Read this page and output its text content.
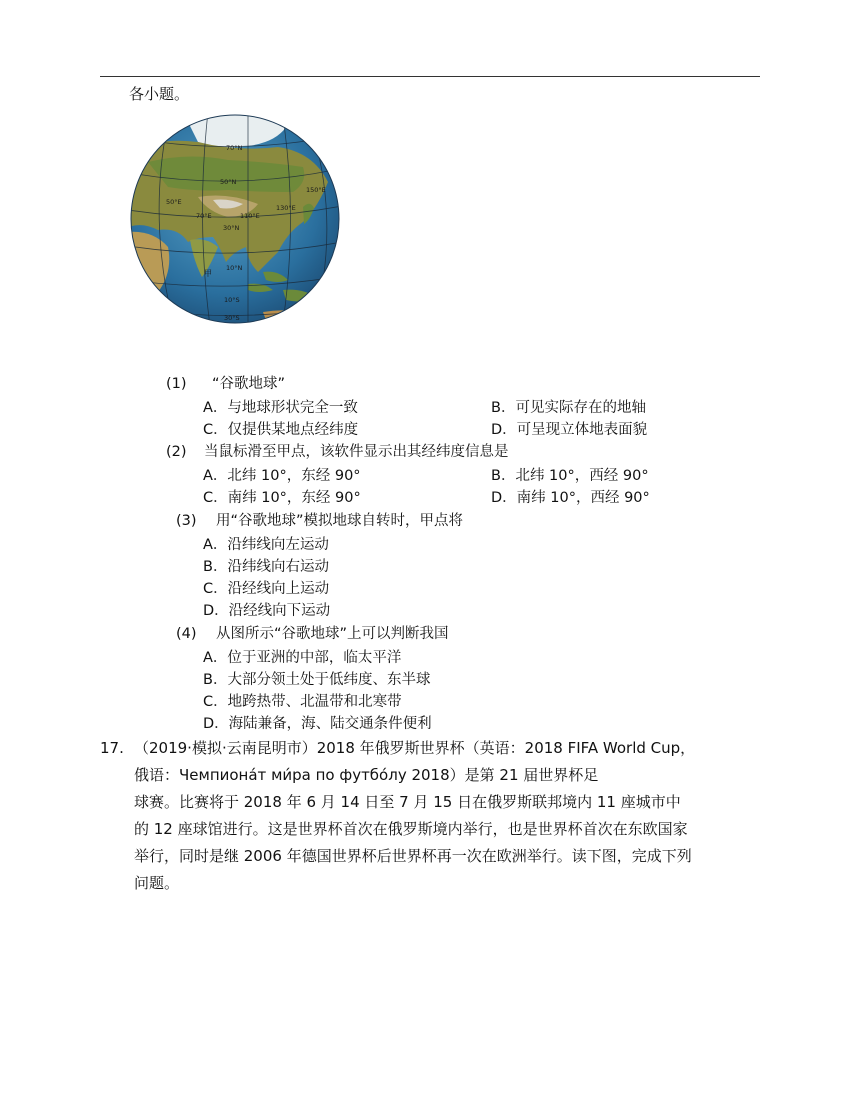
各小题。
70°N
50°N
30°N
10°N
10°S
30°S
50°E
70°E	110°E
130°E
150°E
甲
(1) “谷歌地球”
A．与地球形状完全一致	B．可见实际存在的地轴
C．仅提供某地点经纬度	D．可呈现立体地表面貌
(2) 当鼠标滑至甲点，该软件显示出其经纬度信息是
A．北纬 10°，东经 90°	B．北纬 10°，西经 90°
C．南纬 10°，东经 90°	D．南纬 10°，西经 90°
(3) 用“谷歌地球”模拟地球自转时，甲点将
A．沿纬线向左运动
B．沿纬线向右运动
C．沿经线向上运动
D．沿经线向下运动
(4) 从图所示“谷歌地球”上可以判断我国
A．位于亚洲的中部，临太平洋
B．大部分领土处于低纬度、东半球
C．地跨热带、北温带和北寒带
D．海陆兼备，海、陆交通条件便利
17. （2019·模拟·云南昆明市）2018 年俄罗斯世界杯（英语：2018 FIFA World Cup，
俄语：Чемпиона́т ми́ра по футбо́лу 2018）是第 21 届世界杯足
球赛。比赛将于 2018 年 6 月 14 日至 7 月 15 日在俄罗斯联邦境内 11 座城市中
的 12 座球馆进行。这是世界杯首次在俄罗斯境内举行，也是世界杯首次在东欧国家
举行，同时是继 2006 年德国世界杯后世界杯再一次在欧洲举行。读下图，完成下列
问题。
